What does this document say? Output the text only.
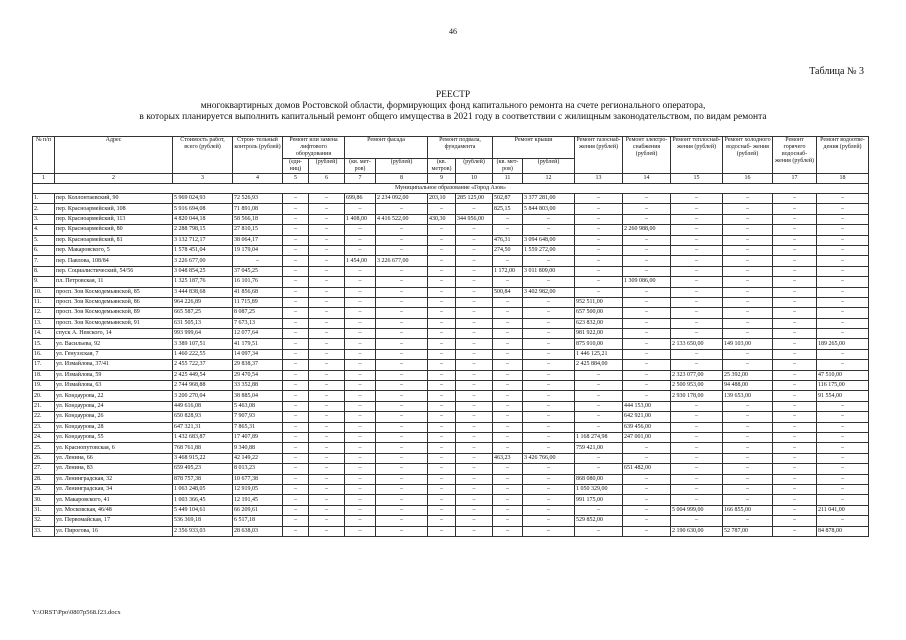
46
Таблица № 3
РЕЕСТР
многоквартирных домов Ростовской области, формирующих фонд капитального ремонта на счете регионального оператора,
в которых планируется выполнить капитальный ремонт общего имущества в 2021 году в соответствии с жилищным законодательством, по видам ремонта
№ п/п	Адрес	Стоимость работ, всего (рублей)	Строи- тельный контроль (рублей)	Ремонт или замена лифтового оборудования		Ремонт фасада		Ремонт подвала, фундамента		Ремонт крыши		Ремонт газоснаб- жения (рублей)	Ремонт электро- снабжения (рублей)	Ремонт теплоснаб- жения (рублей)	Ремонт холодного водоснаб- жения (рублей)	Ремонт горячего водоснаб- жения (рублей)	Ремонт водоотве- дения (рублей)
				(еди- ниц)	(рублей)	(кв. мет- ров)	(рублей)	(кв. метров)	(рублей)	(кв. мет- ров)	(рублей)						
1	2	3	4	5	6	7	8	9	10	11	12	13	14	15	16	17	18
Муниципальное образование «Город Азов»																	
1.	пер. Коллонтаевский, 90	5 969 024,93	72 526,93	–	–	699,86	2 234 092,00	203,10	285 125,00	502,87	3 377 281,00	–	–	–	–	–	–
2.	пер. Красноармейский, 108	5 916 694,08	71 891,08	–	–	–	–	–	–	825,15	5 844 803,00	–	–	–	–	–	–
3.	пер. Красноармейский, 113	4 820 044,18	58 566,18	–	–	1 408,00	4 416 522,00	430,30	344 956,00	–	–	–	–	–	–	–	–
4.	пер. Красноармейский, 80	2 288 798,15	27 810,15	–	–	–	–	–	–	–	–	–	2 260 988,00	–	–	–	–
5.	пер. Красноармейский, 81	3 132 712,17	38 064,17	–	–	–	–	–	–	476,31	3 094 648,00	–	–	–	–	–	–
6.	пер. Макаровского, 5	1 578 451,04	19 179,04	–	–	–	–	–	–	274,50	1 559 272,00	–	–	–	–	–	–
7.	пер. Павлова, 108/84	3 226 677,00	–	–	–	1 454,00	3 226 677,00	–	–	–	–	–	–	–	–	–	–
8.	пер. Социалистический, 54/56	3 048 854,25	37 045,25	–	–	–	–	–	–	1 172,00	3 011 809,00	–	–	–	–	–	–
9.	пл. Петровская, 11	1 325 187,76	16 101,76	–	–	–	–	–	–	–	–	–	1 309 086,00	–	–	–	–
10.	просп. Зои Космодемьянской, 85	3 444 838,68	41 856,68	–	–	–	–	–	–	500,84	3 402 982,00	–	–	–	–	–	–
11.	просп. Зои Космодемьянской, 86	964 226,89	11 715,89	–	–	–	–	–	–	–	–	952 511,00	–	–	–	–	–
12.	просп. Зои Космодемьянской, 89	665 587,25	8 087,25	–	–	–	–	–	–	–	–	657 500,00	–	–	–	–	–
13.	просп. Зои Космодемьянской, 91	631 505,13	7 673,13	–	–	–	–	–	–	–	–	623 832,00	–	–	–	–	–
14.	спуск А. Невского, 14	993 999,64	12 077,64	–	–	–	–	–	–	–	–	981 922,00	–	–	–	–	–
15.	ул. Васильева, 92	3 389 107,51	41 179,51	–	–	–	–	–	–	–	–	875 910,00	–	2 133 650,00	149 103,00	–	189 265,00
16.	ул. Генуэзская, 7	1 460 222,55	14 097,34	–	–	–	–	–	–	–	–	1 446 125,21	–	–	–	–	–
17.	ул. Измайлова, 37/41	2 455 722,37	29 838,37	–	–	–	–	–	–	–	–	2 425 884,00	–	–	–	–	–
18.	ул. Измайлова, 59	2 425 449,54	29 470,54	–	–	–	–	–	–	–	–	–	–	2 323 077,00	25 392,00	–	47 510,00
19.	ул. Измайлова, 63	2 744 968,88	33 352,88	–	–	–	–	–	–	–	–	–	–	2 500 953,00	94 488,00	–	116 175,00
20.	ул. Кондаурова, 22	3 200 270,04	38 885,04	–	–	–	–	–	–	–	–	–	–	2 930 178,00	139 653,00	–	91 554,00
21.	ул. Кондаурова, 24	449 616,08	5 463,08	–	–	–	–	–	–	–	–	–	444 153,00	–	–	–	–
22.	ул. Кондаурова, 26	650 828,93	7 907,93	–	–	–	–	–	–	–	–	–	642 921,00	–	–	–	–
23.	ул. Кондаурова, 28	647 321,31	7 865,31	–	–	–	–	–	–	–	–	–	639 456,00	–	–	–	–
24.	ул. Кондаурова, 55	1 432 683,87	17 407,89	–	–	–	–	–	–	–	–	1 168 274,98	247 001,00	–	–	–	–
25.	ул. Краснопутовская, 6	768 761,88	9 340,88	–	–	–	–	–	–	–	–	759 421,00	–	–	–	–	–
26.	ул. Ленина, 66	3 468 915,22	42 149,22	–	–	–	–	–	–	463,23	3 426 766,00	–	–	–	–	–	–
27.	ул. Ленина, 83	659 495,23	8 013,23	–	–	–	–	–	–	–	–	–	651 482,00	–	–	–	–
28.	ул. Ленинградская, 32	878 757,38	10 677,38	–	–	–	–	–	–	–	–	868 080,00	–	–	–	–	–
29.	ул. Ленинградская, 34	1 063 248,05	12 919,05	–	–	–	–	–	–	–	–	1 050 329,00	–	–	–	–	–
30.	ул. Макаровского, 41	1 003 366,45	12 191,45	–	–	–	–	–	–	–	–	991 175,00	–	–	–	–	–
31.	ул. Московская, 46/48	5 449 104,61	66 209,61	–	–	–	–	–	–	–	–	–	–	5 004 999,00	166 855,00	–	211 041,00
32.	ул. Первомайская, 17	536 369,18	6 517,18	–	–	–	–	–	–	–	–	529 852,00	–	–	–	–	–
33.	ул. Пирогова, 16	2 356 933,03	28 638,03	–	–	–	–	–	–	–	–	–	–	2 190 630,00	52 787,00	–	84 878,00
Y:\ORST\Ppo\0807p568.f23.docx
